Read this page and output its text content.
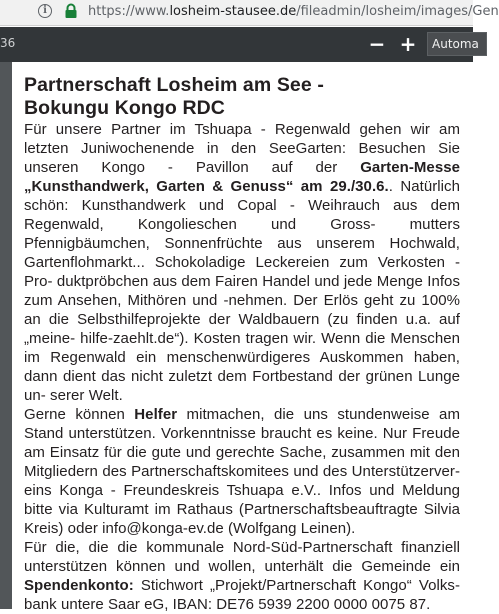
i	https://www.losheim-stausee.de/fileadmin/losheim/images/Gen
36	− +	Automa
Partnerschaft Losheim am See -
Bokungu Kongo RDC

Für unsere Partner im Tshuapa - Regenwald gehen wir am letzten Juniwochenende in den SeeGarten: Besuchen Sie unseren Kongo - Pavillon auf der Garten-Messe „Kunsthandwerk, Garten & Genuss“ am 29./30.6.. Natürlich schön: Kunsthandwerk und Copal - Weihrauch aus dem Regenwald, Kongolieschen und Gross- mutters Pfennigbäumchen, Sonnenfrüchte aus unserem Hochwald, Gartenflohmarkt... Schokoladige Leckereien zum Verkosten - Pro- duktpröbchen aus dem Fairen Handel und jede Menge Infos zum Ansehen, Mithören und -nehmen. Der Erlös geht zu 100% an die Selbsthilfeprojekte der Waldbauern (zu finden u.a. auf „meine- hilfe-zaehlt.de“). Kosten tragen wir. Wenn die Menschen im Regenwald ein menschenwürdigeres Auskommen haben, dann dient das nicht zuletzt dem Fortbestand der grünen Lunge un- serer Welt.

Gerne können Helfer mitmachen, die uns stundenweise am Stand unterstützen. Vorkenntnisse braucht es keine. Nur Freude am Einsatz für die gute und gerechte Sache, zusammen mit den Mitgliedern des Partnerschaftskomitees und des Unterstützerver- eins Konga - Freundeskreis Tshuapa e.V.. Infos und Meldung bitte via Kulturamt im Rathaus (Partnerschaftsbeauftragte Silvia Kreis) oder info@konga-ev.de (Wolfgang Leinen).

Für die, die die kommunale Nord-Süd-Partnerschaft finanziell unterstützen können und wollen, unterhält die Gemeinde ein Spendenkonto: Stichwort „Projekt/Partnerschaft Kongo“ Volks- bank untere Saar eG, IBAN: DE76 5939 2200 0000 0075 87.
